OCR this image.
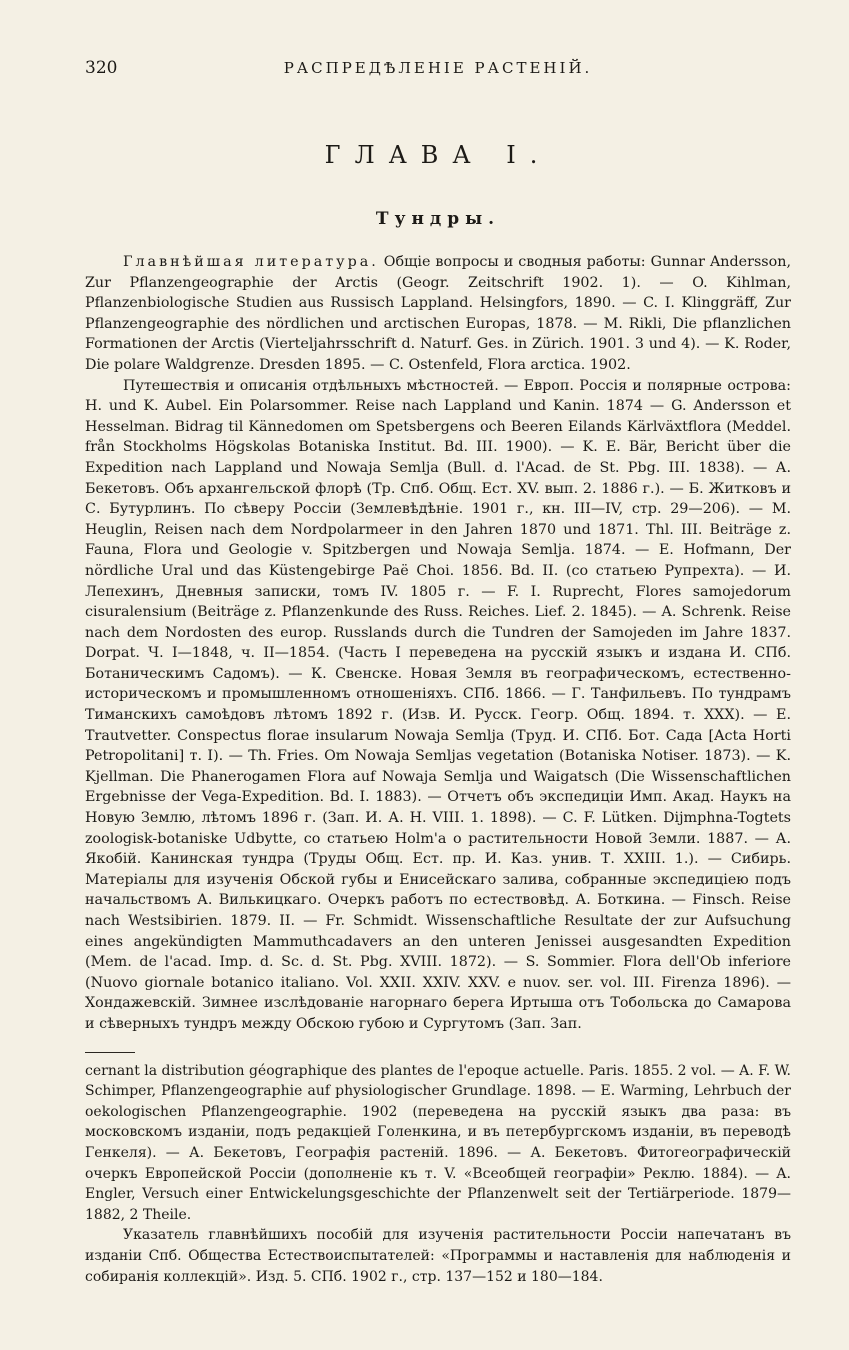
320	РАСПРЕДѢЛЕНІЕ РАСТЕНІЙ.
ГЛАВА I.
Тундры.

Главнѣйшая литература. Общіе вопросы и сводныя работы: Gunnar Andersson, Zur Pflanzengeographie der Arctis (Geogr. Zeitschrift 1902. 1). — O. Kihlman, Pflanzenbiologische Studien aus Russisch Lappland. Helsingfors, 1890. — C. I. Klinggräff, Zur Pflanzengeographie des nördlichen und arctischen Europas, 1878. — M. Rikli, Die pflanzlichen Formationen der Arctis (Vierteljahrsschrift d. Naturf. Ges. in Zürich. 1901. 3 und 4). — K. Roder, Die polare Waldgrenze. Dresden 1895. — C. Ostenfeld, Flora arctica. 1902.

Путешествія и описанія отдѣльныхъ мѣстностей. — Европ. Россія и полярные острова: H. und K. Aubel. Ein Polarsommer. Reise nach Lappland und Kanin. 1874 — G. Andersson et Hesselman. Bidrag til Kännedomen om Spetsbergens och Beeren Eilands Kärlväxtflora (Meddel. från Stockholms Högskolas Botaniska Institut. Bd. III. 1900). — K. E. Bär, Bericht über die Expedition nach Lappland und Nowaja Semlja (Bull. d. l'Acad. de St. Pbg. III. 1838). — А. Бекетовъ. Объ архангельской флорѣ (Тр. Спб. Общ. Ест. XV. вып. 2. 1886 г.). — Б. Житковъ и С. Бутурлинъ. По сѣверу Россіи (Землевѣдѣніе. 1901 г., кн. III—IV, стр. 29—206). — M. Heuglin, Reisen nach dem Nordpolarmeer in den Jahren 1870 und 1871. Thl. III. Beiträge z. Fauna, Flora und Geologie v. Spitzbergen und Nowaja Semlja. 1874. — E. Hofmann, Der nördliche Ural und das Küstengebirge Paë Choi. 1856. Bd. II. (со статьею Рупрехта). — И. Лепехинъ, Дневныя записки, томъ IV. 1805 г. — F. I. Ruprecht, Flores samojedorum cisuralensium (Beiträge z. Pflanzenkunde des Russ. Reiches. Lief. 2. 1845). — A. Schrenk. Reise nach dem Nordosten des europ. Russlands durch die Tundren der Samojeden im Jahre 1837. Dorpat. Ч. I—1848, ч. II—1854. (Часть I переведена на русскій языкъ и издана И. СПб. Ботаническимъ Садомъ). — К. Свенске. Новая Земля въ географическомъ, естественно-историческомъ и промышленномъ отношеніяхъ. СПб. 1866. — Г. Танфильевъ. По тундрамъ Тиманскихъ самоѣдовъ лѣтомъ 1892 г. (Изв. И. Русск. Геогр. Общ. 1894. т. XXX). — E. Trautvetter. Conspectus florae insularum Nowaja Semlja (Труд. И. СПб. Бот. Сада [Acta Horti Petropolitani] т. I). — Th. Fries. Om Nowaja Semljas vegetation (Botaniska Notiser. 1873). — K. Kjellman. Die Phanerogamen Flora auf Nowaja Semlja und Waigatsch (Die Wissenschaftlichen Ergebnisse der Vega-Expedition. Bd. I. 1883). — Отчетъ объ экспедиціи Имп. Акад. Наукъ на Новую Землю, лѣтомъ 1896 г. (Зап. И. А. Н. VIII. 1. 1898). — C. F. Lütken. Dijmphna-Togtets zoologisk-botaniske Udbytte, со статьею Holm'а о растительности Новой Земли. 1887. — А. Якобій. Канинская тундра (Труды Общ. Ест. пр. И. Каз. унив. Т. XXIII. 1.). — Сибирь. Матеріалы для изученія Обской губы и Енисейскаго залива, собранные экспедиціею подъ начальствомъ А. Вилькицкаго. Очеркъ работъ по естествовѣд. А. Боткина. — Finsch. Reise nach Westsibirien. 1879. II. — Fr. Schmidt. Wissenschaftliche Resultate der zur Aufsuchung eines angekündigten Mammuthcadavers an den unteren Jenissei ausgesandten Expedition (Mem. de l'acad. Imp. d. Sc. d. St. Pbg. XVIII. 1872). — S. Sommier. Flora dell'Ob inferiore (Nuovo giornale botanico italiano. Vol. XXII. XXIV. XXV. e nuov. ser. vol. III. Firenza 1896). — Хондажевскій. Зимнее изслѣдованіе нагорнаго берега Иртыша отъ Тобольска до Самарова и сѣверныхъ тундръ между Обскою губою и Сургутомъ (Зап. Зап.

cernant la distribution géographique des plantes de l'epoque actuelle. Paris. 1855. 2 vol. — A. F. W. Schimper, Pflanzengeographie auf physiologischer Grundlage. 1898. — E. Warming, Lehrbuch der oekologischen Pflanzengeographie. 1902 (переведена на русскій языкъ два раза: въ московскомъ изданіи, подъ редакціей Голенкина, и въ петербургскомъ изданіи, въ переводѣ Генкеля). — А. Бекетовъ, Географія растеній. 1896. — А. Бекетовъ. Фитогеографическій очеркъ Европейской Россіи (дополненіе къ т. V. «Всеобщей географіи» Реклю. 1884). — A. Engler, Versuch einer Entwickelungsgeschichte der Pflanzenwelt seit der Tertiärperiode. 1879—1882, 2 Theile.

Указатель главнѣйшихъ пособій для изученія растительности Россіи напечатанъ въ изданіи Спб. Общества Естествоиспытателей: «Программы и наставленія для наблюденія и собиранія коллекцій». Изд. 5. СПб. 1902 г., стр. 137—152 и 180—184.
